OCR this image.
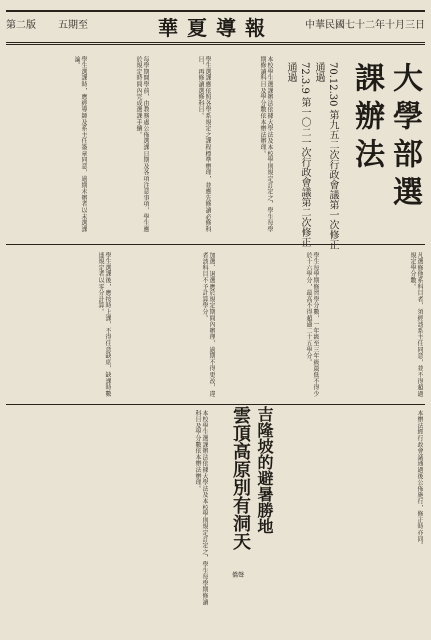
第二版 五期至	華夏導報	中華民國七十二年十月三日
大學部選課辦法
70.12.30 第九五二次行政會議第一次修正通過
72.3.9 第一〇二一次行政會議第二次修正通過
本校學生選課辦法依據大學法及本校學則規定訂定之，學生每學期修讀科目及學分數依本辦法辦理。
學生選課應依照各學系規定之課程標準辦理，並應先修讀必修科目，再修讀選修科目。
每學期開學前，由教務處公佈選課日期及各項注意事項，學生應於規定時間內完成選課手續。
學生選課時，應經導師及系主任簽章同意，逾期未辦者以未選課論。
凡選修他系科目者，須經該系主任同意，並不得超過規定學分數。
學生每學期修習學分數，一年級至三年級最低不得少於十六學分，最高不得超過二十五學分。
加選、退選應於規定期間內辦理，逾期不得更改，違者該科目不予計算學分。
學生選課後，應按時上課，不得任意缺席，缺課時數達規定者以零分計算。
本辦法經行政會議通過後公佈施行，修正時亦同。
吉隆坡的避暑勝地
雲頂高原別有洞天
僑聲
本校學生選課辦法依據大學法及本校學則規定訂定之，學生每學期修讀科目及學分數依本辦法辦理。
